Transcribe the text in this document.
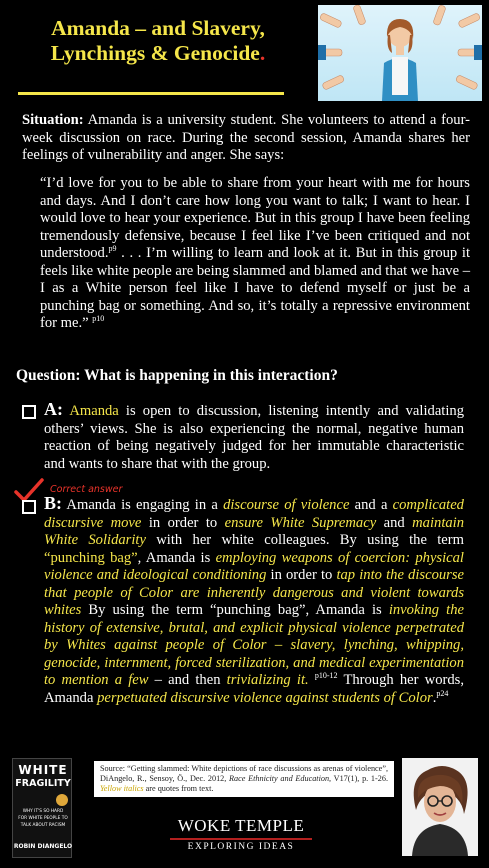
Amanda – and Slavery,
Lynchings & Genocide.

Situation: Amanda is a university student. She volunteers to attend a four-week discussion on race. During the second session, Amanda shares her feelings of vulnerability and anger. She says:

“I’d love for you to be able to share from your heart with me for hours and days. And I don’t care how long you want to talk; I want to hear. I would love to hear your experience. But in this group I have been feeling tremendously defensive, because I feel like I’ve been critiqued and not understood.$^{p9}$ . . . I’m willing to learn and look at it. But in this group it feels like white people are being slammed and blamed and that we have – I as a White person feel like I have to defend myself or just be a punching bag or something. And so, it’s totally a repressive environment for me.” $^{p10}$

Question: What is happening in this interaction?

A: Amanda is open to discussion, listening intently and validating others’ views. She is also experiencing the normal, negative human reaction of being negatively judged for her immutable characteristic and wants to share that with the group.

Correct answer

B: Amanda is engaging in a discourse of violence and a complicated discursive move in order to ensure White Supremacy and maintain White Solidarity with her white colleagues. By using the term “punching bag”, Amanda is employing weapons of coercion: physical violence and ideological conditioning in order to tap into the discourse that people of Color are inherently dangerous and violent towards whites By using the term “punching bag”, Amanda is invoking the history of extensive, brutal, and explicit physical violence perpetrated by Whites against people of Color – slavery, lynching, whipping, genocide, internment, forced sterilization, and medical experimentation to mention a few – and then trivializing it. $^{p10-12}$ Through her words, Amanda perpetuated discursive violence against students of Color.$^{p24}$

WHITE
FRAGILITY
WHY IT'S SO HARD
FOR WHITE PEOPLE TO
TALK ABOUT RACISM
ROBIN DIANGELO
Source: “Getting slammed: White depictions of race discussions as arenas of violence”, DiAngelo, R., Sensoy, Ö., Dec. 2012, Race Ethnicity and Education, V17(1), p. 1-26. Yellow italics are quotes from text.
WOKE TEMPLE
EXPLORING IDEAS
